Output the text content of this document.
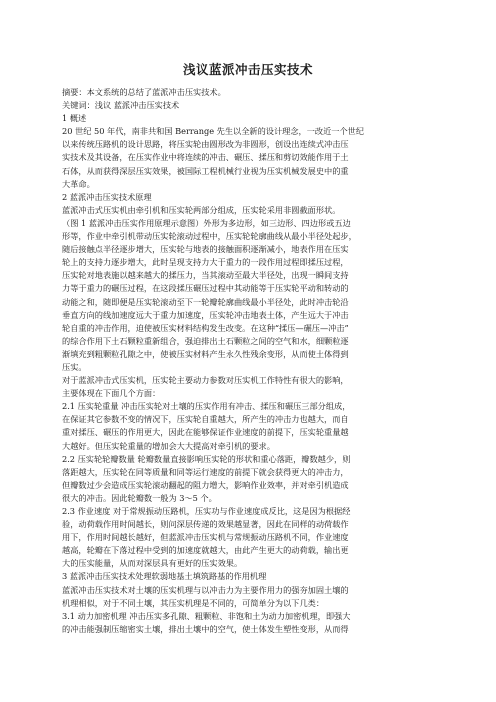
浅议蓝派冲击压实技术
摘要：本文系统的总结了蓝派冲击压实技术。
关键词：浅议 蓝派冲击压实技术
1 概述
20 世纪 50 年代，南非共和国 Berrange 先生以全新的设计理念，一改近一个世纪
以来传统压路机的设计思路，将压实轮由圆形改为非圆形，创设出连续式冲击压
实技术及其设备，在压实作业中将连续的冲击、碾压、揉压和剪切效能作用于土
石体，从而获得深层压实效果，被国际工程机械行业视为压实机械发展史中的重
大革命。
2 蓝派冲击压实技术原理
蓝派冲击式压实机由牵引机和压实轮两部分组成，压实轮采用非圆截面形状。
（图 1 蓝派冲击压实作用原理示意图）外形为多边形，如三边形、四边形或五边
形等，作业中牵引机带动压实轮滚动过程中，压实轮轮廓曲线从最小半径处起步，
随后接触点半径逐步增大，压实轮与地表的接触面积逐渐减小，地表作用在压实
轮上的支持力逐步增大，此时呈现支持力大于重力的一段作用过程即揉压过程，
压实轮对地表施以越来越大的揉压力，当其滚动至最大半径处，出现一瞬间支持
力等于重力的碾压过程，在这段揉压碾压过程中其动能等于压实轮平动和转动的
动能之和，随即便是压实轮滚动至下一轮瓣轮廓曲线最小半径处，此时冲击轮沿
垂直方向的线加速度远大于重力加速度，压实轮冲击地表土体，产生远大于冲击
轮自重的冲击作用，迫使被压实材料结构发生改变。在这种“揉压—碾压—冲击”
的综合作用下土石颗粒重新组合，强迫排出土石颗粒之间的空气和水，细颗粒逐
渐填充到粗颗粒孔隙之中，使被压实材料产生永久性残余变形，从而使土体得到
压实。
对于蓝派冲击式压实机，压实轮主要动力参数对压实机工作特性有很大的影响，
主要体现在下面几个方面：
2.1 压实轮重量 冲击压实轮对土壤的压实作用有冲击、揉压和碾压三部分组成，
在保证其它参数不变的情况下，压实轮自重越大，所产生的冲击力也越大，而自
重对揉压、碾压的作用更大，因此在能够保证作业速度的前提下，压实轮重量越
大越好。但压实轮重量的增加会大大提高对牵引机的要求。
2.2 压实轮轮瓣数量 轮瓣数量直接影响压实轮的形状和重心落距，瓣数越少，则
落距越大，压实轮在同等质量和同等运行速度的前提下就会获得更大的冲击力，
但瓣数过少会造成压实轮滚动翻起的阻力增大，影响作业效率，并对牵引机造成
很大的冲击。因此轮瓣数一般为 3～5 个。
2.3 作业速度 对于常规振动压路机，压实功与作业速度成反比，这是因为根据经
验，动荷载作用时间越长，则问深层传递的效果越显著，因此在同样的动荷载作
用下，作用时间越长越好，但蓝派冲击压实机与常规振动压路机不同，作业速度
越高，轮瓣在下落过程中受到的加速度就越大，由此产生更大的动荷载，输出更
大的压实能量，从而对深层具有更好的压实效果。
3 蓝派冲击压实技术处理软弱地基土填筑路基的作用机理
蓝派冲击压实技术对土壤的压实机理与以冲击力为主要作用力的强夯加固土壤的
机理相似，对于不同土壤，其压实机理是不同的，可简单分为以下几类：
3.1 动力加密机理 冲击压实多孔隙、粗颗粒、非饱和土为动力加密机理，即强大
的冲击能强制压缩密实土壤，排出土壤中的空气，使土体发生塑性变形，从而得
